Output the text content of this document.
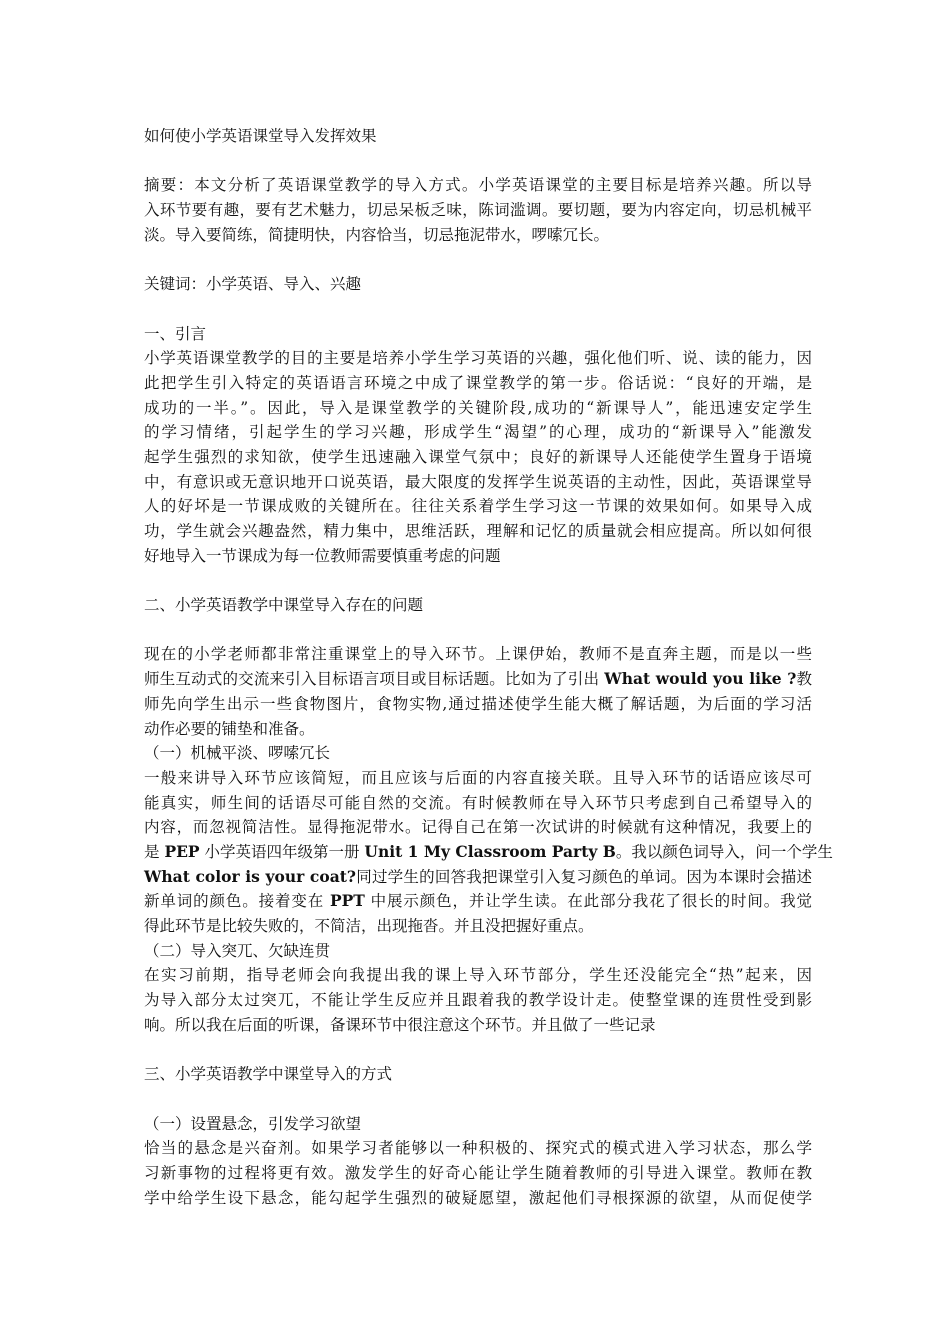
如何使小学英语课堂导入发挥效果
摘要：本文分析了英语课堂教学的导入方式。小学英语课堂的主要目标是培养兴趣。所以导
入环节要有趣，要有艺术魅力，切忌呆板乏味，陈词滥调。要切题，要为内容定向，切忌机械平
淡。导入要简练，简捷明快，内容恰当，切忌拖泥带水，啰嗦冗长。
关键词：小学英语、导入、兴趣
一、引言
小学英语课堂教学的目的主要是培养小学生学习英语的兴趣，强化他们听、说、读的能力，因
此把学生引入特定的英语语言环境之中成了课堂教学的第一步。俗话说：“良好的开端，是
成功的一半。”。因此，导入是课堂教学的关键阶段,成功的“新课导人”，能迅速安定学生
的学习情绪，引起学生的学习兴趣，形成学生“渴望”的心理，成功的“新课导入”能激发
起学生强烈的求知欲，使学生迅速融入课堂气氛中；良好的新课导人还能使学生置身于语境
中，有意识或无意识地开口说英语，最大限度的发挥学生说英语的主动性，因此，英语课堂导
人的好坏是一节课成败的关键所在。往往关系着学生学习这一节课的效果如何。如果导入成
功，学生就会兴趣盎然，精力集中，思维活跃，理解和记忆的质量就会相应提高。所以如何很
好地导入一节课成为每一位教师需要慎重考虑的问题
二、小学英语教学中课堂导入存在的问题
现在的小学老师都非常注重课堂上的导入环节。上课伊始，教师不是直奔主题，而是以一些
师生互动式的交流来引入目标语言项目或目标话题。比如为了引出 What would you like ?教
师先向学生出示一些食物图片，食物实物,通过描述使学生能大概了解话题，为后面的学习活
动作必要的铺垫和准备。
（一）机械平淡、啰嗦冗长
一般来讲导入环节应该简短，而且应该与后面的内容直接关联。且导入环节的话语应该尽可
能真实，师生间的话语尽可能自然的交流。有时候教师在导入环节只考虑到自己希望导入的
内容，而忽视简洁性。显得拖泥带水。记得自己在第一次试讲的时候就有这种情况，我要上的
是 PEP 小学英语四年级第一册 Unit 1 My Classroom Party B。我以颜色词导入，问一个学生
What color is your coat?同过学生的回答我把课堂引入复习颜色的单词。因为本课时会描述
新单词的颜色。接着变在 PPT 中展示颜色，并让学生读。在此部分我花了很长的时间。我觉
得此环节是比较失败的，不简洁，出现拖沓。并且没把握好重点。
（二）导入突兀、欠缺连贯
在实习前期，指导老师会向我提出我的课上导入环节部分，学生还没能完全“热”起来，因
为导入部分太过突兀，不能让学生反应并且跟着我的教学设计走。使整堂课的连贯性受到影
响。所以我在后面的听课，备课环节中很注意这个环节。并且做了一些记录
三、小学英语教学中课堂导入的方式
（一）设置悬念，引发学习欲望
恰当的悬念是兴奋剂。如果学习者能够以一种积极的、探究式的模式进入学习状态，那么学
习新事物的过程将更有效。激发学生的好奇心能让学生随着教师的引导进入课堂。教师在教
学中给学生设下悬念，能勾起学生强烈的破疑愿望，激起他们寻根探源的欲望，从而促使学
